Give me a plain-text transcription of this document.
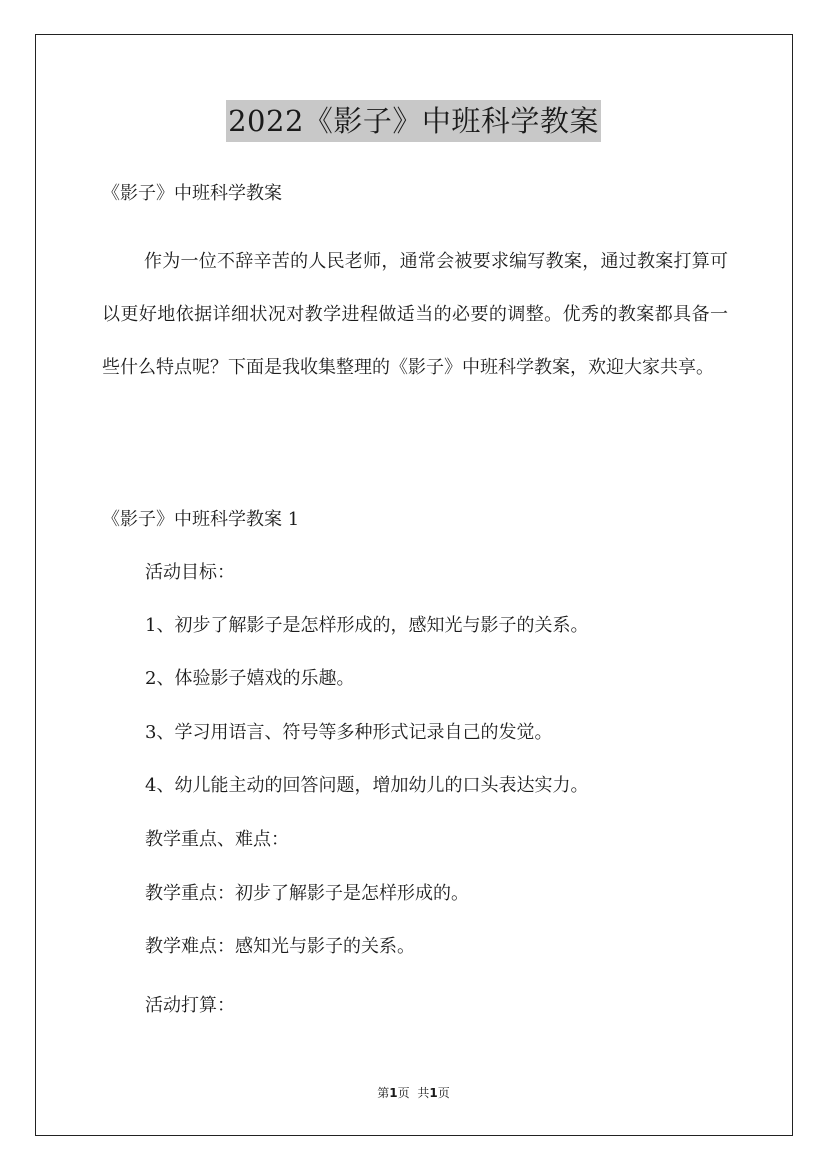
2022《影子》中班科学教案
《影子》中班科学教案

作为一位不辞辛苦的人民老师，通常会被要求编写教案，通过教案打算可以更好地依据详细状况对教学进程做适当的必要的调整。优秀的教案都具备一些什么特点呢？下面是我收集整理的《影子》中班科学教案，欢迎大家共享。

《影子》中班科学教案 1
活动目标：
1、初步了解影子是怎样形成的，感知光与影子的关系。
2、体验影子嬉戏的乐趣。
3、学习用语言、符号等多种形式记录自己的发觉。
4、幼儿能主动的回答问题，增加幼儿的口头表达实力。
教学重点、难点：
教学重点：初步了解影子是怎样形成的。
教学难点：感知光与影子的关系。
活动打算：
第1页 共1页
